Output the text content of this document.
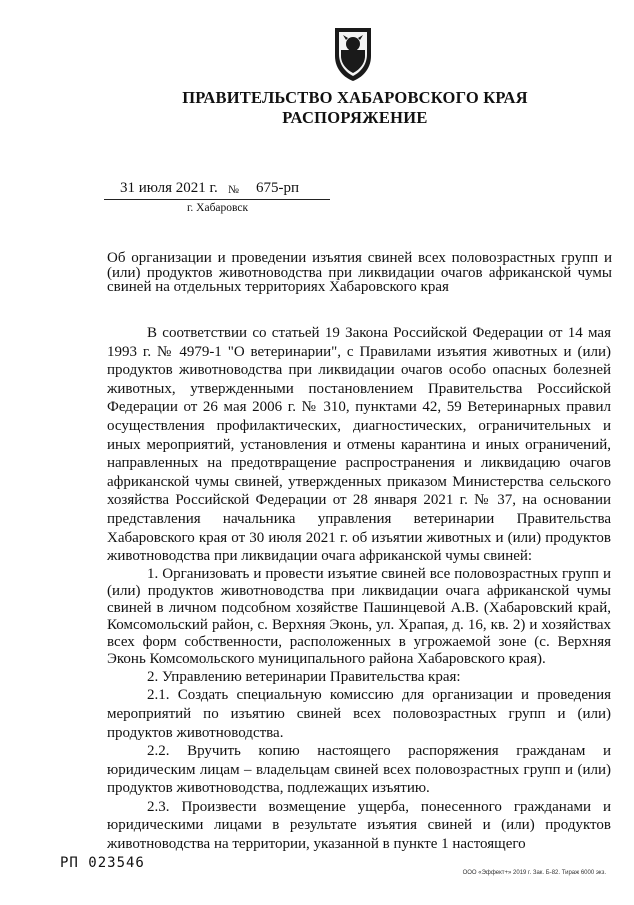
ПРАВИТЕЛЬСТВО ХАБАРОВСКОГО КРАЯ
РАСПОРЯЖЕНИЕ
31 июля 2021 г. № 675-рп
г. Хабаровск
Об организации и проведении изъятия свиней всех половозрастных групп и (или) продуктов животноводства при ликвидации очагов африканской чумы свиней на отдельных территориях Хабаровского края

В соответствии со статьей 19 Закона Российской Федерации от 14 мая 1993 г. № 4979-1 "О ветеринарии", с Правилами изъятия животных и (или) продуктов животноводства при ликвидации очагов особо опасных болезней животных, утвержденными постановлением Правительства Российской Федерации от 26 мая 2006 г. № 310, пунктами 42, 59 Ветеринарных правил осуществления профилактических, диагностических, ограничительных и иных мероприятий, установления и отмены карантина и иных ограничений, направленных на предотвращение распространения и ликвидацию очагов африканской чумы свиней, утвержденных приказом Министерства сельского хозяйства Российской Федерации от 28 января 2021 г. № 37, на основании представления начальника управления ветеринарии Правительства Хабаровского края от 30 июля 2021 г. об изъятии животных и (или) продуктов животноводства при ликвидации очага африканской чумы свиней:

1. Организовать и провести изъятие свиней все половозрастных групп и (или) продуктов животноводства при ликвидации очага африканской чумы свиней в личном подсобном хозяйстве Пашинцевой А.В. (Хабаровский край, Комсомольский район, с. Верхняя Эконь, ул. Храпая, д. 16, кв. 2) и хозяйствах всех форм собственности, расположенных в угрожаемой зоне (с. Верхняя Эконь Комсомольского муниципального района Хабаровского края).

2. Управлению ветеринарии Правительства края:

2.1. Создать специальную комиссию для организации и проведения мероприятий по изъятию свиней всех половозрастных групп и (или) продуктов животноводства.

2.2. Вручить копию настоящего распоряжения гражданам и юридическим лицам – владельцам свиней всех половозрастных групп и (или) продуктов животноводства, подлежащих изъятию.

2.3. Произвести возмещение ущерба, понесенного гражданами и юридическими лицами в результате изъятия свиней и (или) продуктов животноводства на территории, указанной в пункте 1 настоящего

РП 023546
ООО «Эффект+» 2019 г. Зак. Б-82. Тираж 6000 экз.
